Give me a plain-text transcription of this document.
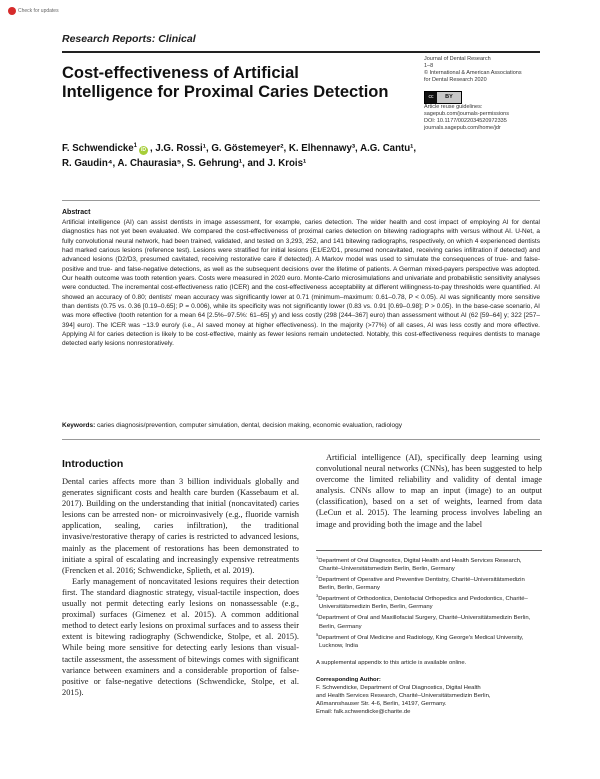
Check for updates
Research Reports: Clinical
Cost-effectiveness of Artificial Intelligence for Proximal Caries Detection
Journal of Dental Research
1–8
© International & American Associations
for Dental Research 2020
cc	BY
Article reuse guidelines:
sagepub.com/journals-permissions
DOI: 10.1177/0022034520972335
journals.sagepub.com/home/jdr
F. Schwendicke$^1$iD , J.G. Rossi¹, G. Göstemeyer², K. Elhennawy³, A.G. Cantu¹,
R. Gaudin⁴, A. Chaurasia⁵, S. Gehrung¹, and J. Krois¹
Abstract
Artificial intelligence (AI) can assist dentists in image assessment, for example, caries detection. The wider health and cost impact of employing AI for dental diagnostics has not yet been evaluated. We compared the cost-effectiveness of proximal caries detection on bitewing radiographs with versus without AI. U-Net, a fully convolutional neural network, had been trained, validated, and tested on 3,293, 252, and 141 bitewing radiographs, respectively, on which 4 experienced dentists had marked carious lesions (reference test). Lesions were stratified for initial lesions (E1/E2/D1, presumed noncavitated, receiving caries infiltration if detected) and advanced lesions (D2/D3, presumed cavitated, receiving restorative care if detected). A Markov model was used to simulate the consequences of true- and false-positive and true- and false-negative detections, as well as the subsequent decisions over the lifetime of patients. A German mixed-payers perspective was adopted. Our health outcome was tooth retention years. Costs were measured in 2020 euro. Monte-Carlo microsimulations and univariate and probabilistic sensitivity analyses were conducted. The incremental cost-effectiveness ratio (ICER) and the cost-effectiveness acceptability at different willingness-to-pay thresholds were quantified. AI showed an accuracy of 0.80; dentists' mean accuracy was significantly lower at 0.71 (minimum–maximum: 0.61–0.78, P < 0.05). AI was significantly more sensitive than dentists (0.75 vs. 0.36 [0.19–0.65]; P = 0.006), while its specificity was not significantly lower (0.83 vs. 0.91 [0.69–0.98]; P > 0.05). In the base-case scenario, AI was more effective (tooth retention for a mean 64 [2.5%–97.5%: 61–65] y) and less costly (298 [244–367] euro) than assessment without AI (62 [59–64] y; 322 [257–394] euro). The ICER was −13.9 euro/y (i.e., AI saved money at higher effectiveness). In the majority (>77%) of all cases, AI was less costly and more effective. Applying AI for caries detection is likely to be cost-effective, mainly as fewer lesions remain undetected. Notably, this cost-effectiveness requires dentists to manage detected early lesions nonrestoratively.
Keywords: caries diagnosis/prevention, computer simulation, dental, decision making, economic evaluation, radiology
Introduction

Dental caries affects more than 3 billion individuals globally and generates significant costs and health care burden (Kassebaum et al. 2017). Building on the understanding that initial (noncavitated) caries lesions can be arrested non- or microinvasively (e.g., fluoride varnish application, sealing, caries infiltration), the traditional invasive/restorative therapy of caries is restricted to advanced lesions, mainly as the placement of restorations has been demonstrated to initiate a spiral of escalating and increasingly expensive retreatments (Frencken et al. 2016; Schwendicke, Splieth, et al. 2019).

Early management of noncavitated lesions requires their detection first. The standard diagnostic strategy, visual-tactile inspection, does usually not permit detecting early lesions on nonassessable (e.g., proximal) surfaces (Gimenez et al. 2015). A common additional method to detect early lesions on proximal surfaces and to assess their extent is bitewing radiography (Schwendicke, Stolpe, et al. 2015). While being more sensitive for detecting early lesions than visual-tactile assessment, the assessment of bitewings comes with significant variance between examiners and a considerable proportion of false-positive or false-negative detections (Schwendicke, Stolpe, et al. 2015).

Artificial intelligence (AI), specifically deep learning using convolutional neural networks (CNNs), has been suggested to help overcome the limited reliability and validity of dental image analysis. CNNs allow to map an input (image) to an output (classification), based on a set of weights, learned from data (LeCun et al. 2015). The learning process involves labeling an image and providing both the image and the label
$^1$Department of Oral Diagnostics, Digital Health and Health Services Research, Charité–Universitätsmedizin Berlin, Berlin, Germany
$^2$Department of Operative and Preventive Dentistry, Charité–Universitätsmedizin Berlin, Berlin, Germany
$^3$Department of Orthodontics, Dentofacial Orthopedics and Pedodontics, Charité–Universitätsmedizin Berlin, Berlin, Germany
$^4$Department of Oral and Maxillofacial Surgery, Charité–Universitätsmedizin Berlin, Berlin, Germany
$^5$Department of Oral Medicine and Radiology, King George's Medical University, Lucknow, India
A supplemental appendix to this article is available online.
Corresponding Author:
F. Schwendicke, Department of Oral Diagnostics, Digital Health
and Health Services Research, Charité–Universitätsmedizin Berlin,
Aßmannshauser Str. 4-6, Berlin, 14197, Germany.
Email: falk.schwendicke@charite.de
